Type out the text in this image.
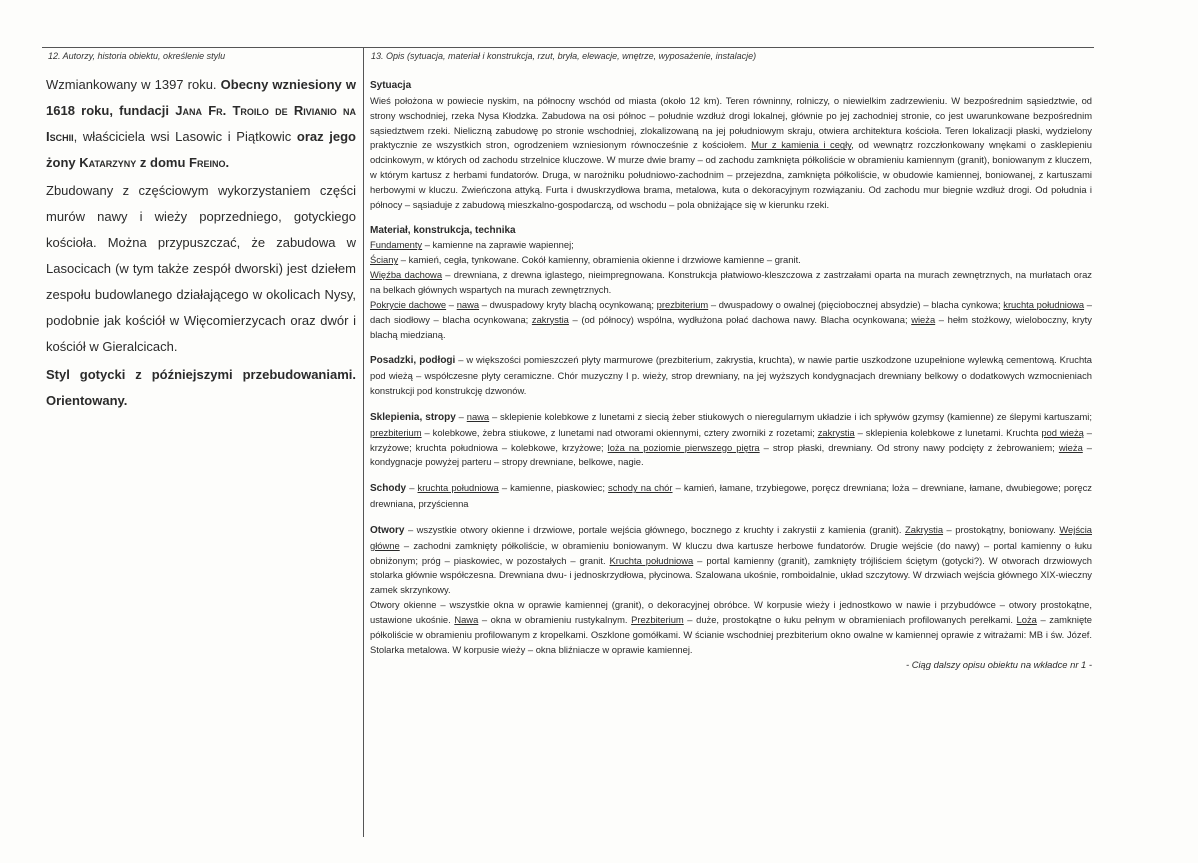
12. Autorzy, historia obiektu, określenie stylu	13. Opis (sytuacja, materiał i konstrukcja, rzut, bryła, elewacje, wnętrze, wyposażenie, instalacje)

Wzmiankowany w 1397 roku. Obecny wzniesiony w 1618 roku, fundacji Jana Fr. Troilo de Rivianio na Ischii, właściciela wsi Lasowic i Piątkowic oraz jego żony Katarzyny z domu Freino.

Zbudowany z częściowym wykorzystaniem części murów nawy i wieży poprzedniego, gotyckiego kościoła. Można przypuszczać, że zabudowa w Lasocicach (w tym także zespół dworski) jest dziełem zespołu budowlanego działającego w okolicach Nysy, podobnie jak kościół w Więcomierzycach oraz dwór i kościół w Gieralcicach.

Styl gotycki z późniejszymi przebudowaniami. Orientowany.

Sytuacja

Wieś położona w powiecie nyskim, na północny wschód od miasta (około 12 km). Teren równinny, rolniczy, o niewielkim zadrzewieniu. W bezpośrednim sąsiedztwie, od strony wschodniej, rzeka Nysa Kłodzka. Zabudowa na osi północ – południe wzdłuż drogi lokalnej, głównie po jej zachodniej stronie, co jest uwarunkowane bezpośrednim sąsiedztwem rzeki. Nieliczną zabudowę po stronie wschodniej, zlokalizowaną na jej południowym skraju, otwiera architektura kościoła. Teren lokalizacji płaski, wydzielony praktycznie ze wszystkich stron, ogrodzeniem wzniesionym równocześnie z kościołem. Mur z kamienia i cegły, od wewnątrz rozczłonkowany wnękami o zasklepieniu odcinkowym, w których od zachodu strzelnice kluczowe. W murze dwie bramy – od zachodu zamknięta półkoliście w obramieniu kamiennym (granit), boniowanym z kluczem, w którym kartusz z herbami fundatorów. Druga, w narożniku południowo-zachodnim – przejezdna, zamknięta półkoliście, w obudowie kamiennej, boniowanej, z kartuszami herbowymi w kluczu. Zwieńczona attyką. Furta i dwuskrzydłowa brama, metalowa, kuta o dekoracyjnym rozwiązaniu. Od zachodu mur biegnie wzdłuż drogi. Od południa i północy – sąsiaduje z zabudową mieszkalno-gospodarczą, od wschodu – pola obniżające się w kierunku rzeki.

Materiał, konstrukcja, technika

Fundamenty – kamienne na zaprawie wapiennej;

Ściany – kamień, cegła, tynkowane. Cokół kamienny, obramienia okienne i drzwiowe kamienne – granit.

Więźba dachowa – drewniana, z drewna iglastego, nieimpregnowana. Konstrukcja płatwiowo-kleszczowa z zastrzałami oparta na murach zewnętrznych, na murłatach oraz na belkach głównych wspartych na murach zewnętrznych.

Pokrycie dachowe – nawa – dwuspadowy kryty blachą ocynkowaną; prezbiterium – dwuspadowy o owalnej (pięciobocznej absydzie) – blacha cynkowa; kruchta południowa – dach siodłowy – blacha ocynkowana; zakrystia – (od północy) wspólna, wydłużona połać dachowa nawy. Blacha ocynkowana; wieża – hełm stożkowy, wieloboczny, kryty blachą miedzianą.

Posadzki, podłogi – w większości pomieszczeń płyty marmurowe (prezbiterium, zakrystia, kruchta), w nawie partie uszkodzone uzupełnione wylewką cementową. Kruchta pod wieżą – współczesne płyty ceramiczne. Chór muzyczny I p. wieży, strop drewniany, na jej wyższych kondygnacjach drewniany belkowy o dodatkowych wzmocnieniach konstrukcji pod konstrukcję dzwonów.

Sklepienia, stropy – nawa – sklepienie kolebkowe z lunetami z siecią żeber stiukowych o nieregularnym układzie i ich spływów gzymsy (kamienne) ze ślepymi kartuszami; prezbiterium – kolebkowe, żebra stiukowe, z lunetami nad otworami okiennymi, cztery zworniki z rozetami; zakrystia – sklepienia kolebkowe z lunetami. Kruchta pod wieżą – krzyżowe; kruchta południowa – kolebkowe, krzyżowe; loża na poziomie pierwszego piętra – strop płaski, drewniany. Od strony nawy podcięty z żebrowaniem; wieża – kondygnacje powyżej parteru – stropy drewniane, belkowe, nagie.

Schody – kruchta południowa – kamienne, piaskowiec; schody na chór – kamień, łamane, trzybiegowe, poręcz drewniana; loża – drewniane, łamane, dwubiegowe; poręcz drewniana, przyścienna

Otwory – wszystkie otwory okienne i drzwiowe, portale wejścia głównego, bocznego z kruchty i zakrystii z kamienia (granit). Zakrystia – prostokątny, boniowany. Wejścia główne – zachodni zamknięty półkoliście, w obramieniu boniowanym. W kluczu dwa kartusze herbowe fundatorów. Drugie wejście (do nawy) – portal kamienny o łuku obniżonym; próg – piaskowiec, w pozostałych – granit. Kruchta południowa – portal kamienny (granit), zamknięty trójliściem ściętym (gotycki?). W otworach drzwiowych stolarka głównie współczesna. Drewniana dwu- i jednoskrzydłowa, płycinowa. Szalowana ukośnie, romboidalnie, układ szczytowy. W drzwiach wejścia głównego XIX-wieczny zamek skrzynkowy.

Otwory okienne – wszystkie okna w oprawie kamiennej (granit), o dekoracyjnej obróbce. W korpusie wieży i jednostkowo w nawie i przybudówce – otwory prostokątne, ustawione ukośnie. Nawa – okna w obramieniu rustykalnym. Prezbiterium – duże, prostokątne o łuku pełnym w obramieniach profilowanych perełkami. Loża – zamknięte półkoliście w obramieniu profilowanym z kropelkami. Oszklone gomółkami. W ścianie wschodniej prezbiterium okno owalne w kamiennej oprawie z witrażami: MB i św. Józef. Stolarka metalowa. W korpusie wieży – okna bliźniacze w oprawie kamiennej.

- Ciąg dalszy opisu obiektu na wkładce nr 1 -
